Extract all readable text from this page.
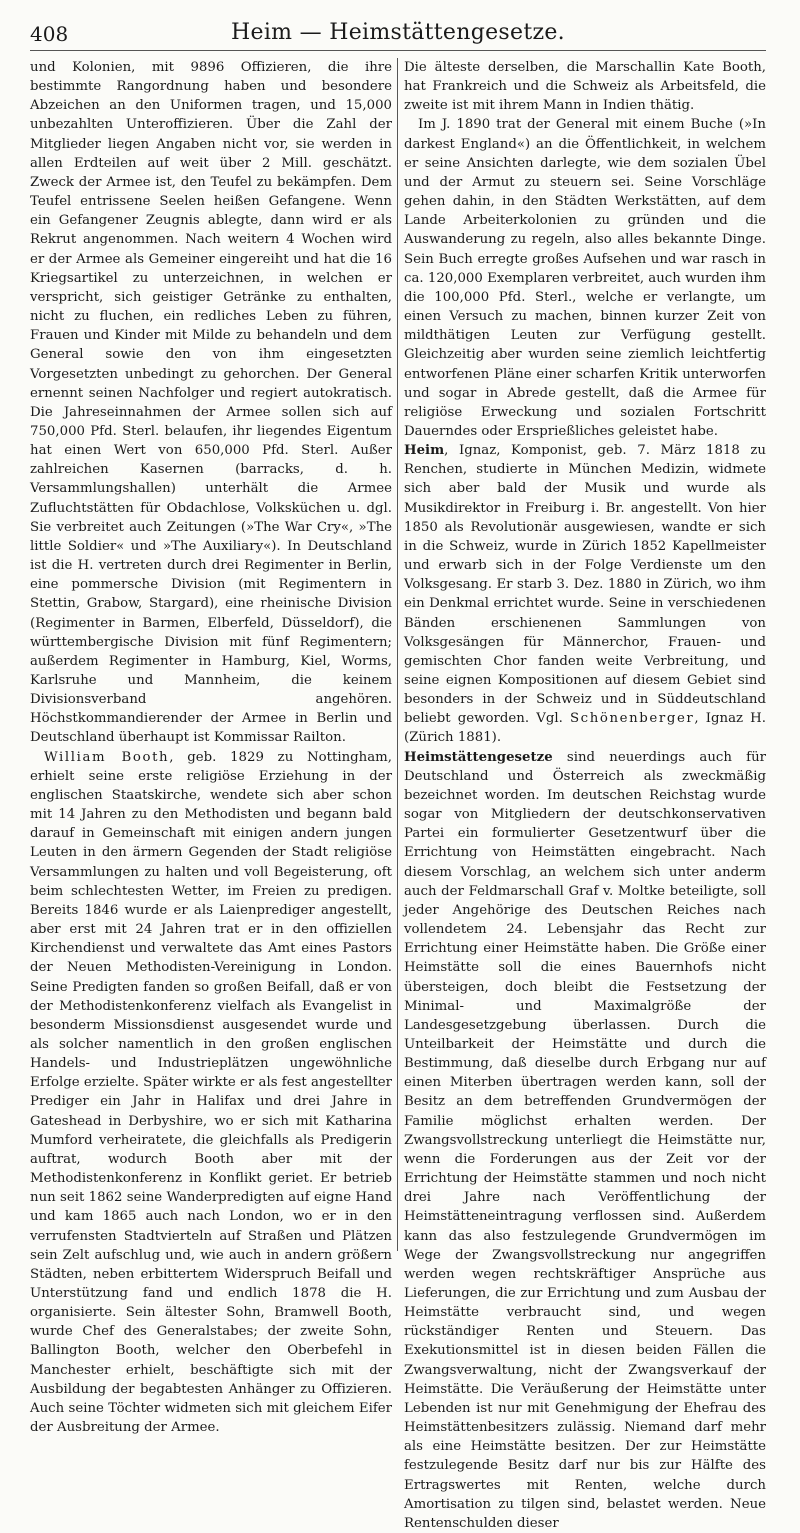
408	Heim — Heimstättengesetze.

und Kolonien, mit 9896 Offizieren, die ihre bestimmte Rangordnung haben und besondere Abzeichen an den Uniformen tragen, und 15,000 unbezahlten Unteroffizieren. Über die Zahl der Mitglieder liegen Angaben nicht vor, sie werden in allen Erdteilen auf weit über 2 Mill. geschätzt. Zweck der Armee ist, den Teufel zu bekämpfen. Dem Teufel entrissene Seelen heißen Gefangene. Wenn ein Gefangener Zeugnis ablegte, dann wird er als Rekrut angenommen. Nach weitern 4 Wochen wird er der Armee als Gemeiner eingereiht und hat die 16 Kriegsartikel zu unterzeichnen, in welchen er verspricht, sich geistiger Getränke zu enthalten, nicht zu fluchen, ein redliches Leben zu führen, Frauen und Kinder mit Milde zu behandeln und dem General sowie den von ihm eingesetzten Vorgesetzten unbedingt zu gehorchen. Der General ernennt seinen Nachfolger und regiert autokratisch. Die Jahreseinnahmen der Armee sollen sich auf 750,000 Pfd. Sterl. belaufen, ihr liegendes Eigentum hat einen Wert von 650,000 Pfd. Sterl. Außer zahlreichen Kasernen (barracks, d. h. Versammlungshallen) unterhält die Armee Zufluchtstätten für Obdachlose, Volksküchen u. dgl. Sie verbreitet auch Zeitungen (»The War Cry«, »The little Soldier« und »The Auxiliary«). In Deutschland ist die H. vertreten durch drei Regimenter in Berlin, eine pommersche Division (mit Regimentern in Stettin, Grabow, Stargard), eine rheinische Division (Regimenter in Barmen, Elberfeld, Düsseldorf), die württembergische Division mit fünf Regimentern; außerdem Regimenter in Hamburg, Kiel, Worms, Karlsruhe und Mannheim, die keinem Divisionsverband angehören. Höchstkommandierender der Armee in Berlin und Deutschland überhaupt ist Kommissar Railton.

William Booth, geb. 1829 zu Nottingham, erhielt seine erste religiöse Erziehung in der englischen Staatskirche, wendete sich aber schon mit 14 Jahren zu den Methodisten und begann bald darauf in Gemeinschaft mit einigen andern jungen Leuten in den ärmern Gegenden der Stadt religiöse Versammlungen zu halten und voll Begeisterung, oft beim schlechtesten Wetter, im Freien zu predigen. Bereits 1846 wurde er als Laienprediger angestellt, aber erst mit 24 Jahren trat er in den offiziellen Kirchendienst und verwaltete das Amt eines Pastors der Neuen Methodisten-Vereinigung in London. Seine Predigten fanden so großen Beifall, daß er von der Methodistenkonferenz vielfach als Evangelist in besonderm Missionsdienst ausgesendet wurde und als solcher namentlich in den großen englischen Handels- und Industrieplätzen ungewöhnliche Erfolge erzielte. Später wirkte er als fest angestellter Prediger ein Jahr in Halifax und drei Jahre in Gateshead in Derbyshire, wo er sich mit Katharina Mumford verheiratete, die gleichfalls als Predigerin auftrat, wodurch Booth aber mit der Methodistenkonferenz in Konflikt geriet. Er betrieb nun seit 1862 seine Wanderpredigten auf eigne Hand und kam 1865 auch nach London, wo er in den verrufensten Stadtvierteln auf Straßen und Plätzen sein Zelt aufschlug und, wie auch in andern größern Städten, neben erbittertem Widerspruch Beifall und Unterstützung fand und endlich 1878 die H. organisierte. Sein ältester Sohn, Bramwell Booth, wurde Chef des Generalstabes; der zweite Sohn, Ballington Booth, welcher den Oberbefehl in Manchester erhielt, beschäftigte sich mit der Ausbildung der begabtesten Anhänger zu Offizieren. Auch seine Töchter widmeten sich mit gleichem Eifer der Ausbreitung der Armee.

Die älteste derselben, die Marschallin Kate Booth, hat Frankreich und die Schweiz als Arbeitsfeld, die zweite ist mit ihrem Mann in Indien thätig.

Im J. 1890 trat der General mit einem Buche (»In darkest England«) an die Öffentlichkeit, in welchem er seine Ansichten darlegte, wie dem sozialen Übel und der Armut zu steuern sei. Seine Vorschläge gehen dahin, in den Städten Werkstätten, auf dem Lande Arbeiterkolonien zu gründen und die Auswanderung zu regeln, also alles bekannte Dinge. Sein Buch erregte großes Aufsehen und war rasch in ca. 120,000 Exemplaren verbreitet, auch wurden ihm die 100,000 Pfd. Sterl., welche er verlangte, um einen Versuch zu machen, binnen kurzer Zeit von mildthätigen Leuten zur Verfügung gestellt. Gleichzeitig aber wurden seine ziemlich leichtfertig entworfenen Pläne einer scharfen Kritik unterworfen und sogar in Abrede gestellt, daß die Armee für religiöse Erweckung und sozialen Fortschritt Dauerndes oder Ersprießliches geleistet habe.

Heim, Ignaz, Komponist, geb. 7. März 1818 zu Renchen, studierte in München Medizin, widmete sich aber bald der Musik und wurde als Musikdirektor in Freiburg i. Br. angestellt. Von hier 1850 als Revolutionär ausgewiesen, wandte er sich in die Schweiz, wurde in Zürich 1852 Kapellmeister und erwarb sich in der Folge Verdienste um den Volksgesang. Er starb 3. Dez. 1880 in Zürich, wo ihm ein Denkmal errichtet wurde. Seine in verschiedenen Bänden erschienenen Sammlungen von Volksgesängen für Männerchor, Frauen- und gemischten Chor fanden weite Verbreitung, und seine eignen Kompositionen auf diesem Gebiet sind besonders in der Schweiz und in Süddeutschland beliebt geworden. Vgl. Schönenberger, Ignaz H. (Zürich 1881).

Heimstättengesetze sind neuerdings auch für Deutschland und Österreich als zweckmäßig bezeichnet worden. Im deutschen Reichstag wurde sogar von Mitgliedern der deutschkonservativen Partei ein formulierter Gesetzentwurf über die Errichtung von Heimstätten eingebracht. Nach diesem Vorschlag, an welchem sich unter anderm auch der Feldmarschall Graf v. Moltke beteiligte, soll jeder Angehörige des Deutschen Reiches nach vollendetem 24. Lebensjahr das Recht zur Errichtung einer Heimstätte haben. Die Größe einer Heimstätte soll die eines Bauernhofs nicht übersteigen, doch bleibt die Festsetzung der Minimal- und Maximalgröße der Landesgesetzgebung überlassen. Durch die Unteilbarkeit der Heimstätte und durch die Bestimmung, daß dieselbe durch Erbgang nur auf einen Miterben übertragen werden kann, soll der Besitz an dem betreffenden Grundvermögen der Familie möglichst erhalten werden. Der Zwangsvollstreckung unterliegt die Heimstätte nur, wenn die Forderungen aus der Zeit vor der Errichtung der Heimstätte stammen und noch nicht drei Jahre nach Veröffentlichung der Heimstätteneintragung verflossen sind. Außerdem kann das also festzulegende Grundvermögen im Wege der Zwangsvollstreckung nur angegriffen werden wegen rechtskräftiger Ansprüche aus Lieferungen, die zur Errichtung und zum Ausbau der Heimstätte verbraucht sind, und wegen rückständiger Renten und Steuern. Das Exekutionsmittel ist in diesen beiden Fällen die Zwangsverwaltung, nicht der Zwangsverkauf der Heimstätte. Die Veräußerung der Heimstätte unter Lebenden ist nur mit Genehmigung der Ehefrau des Heimstättenbesitzers zulässig. Niemand darf mehr als eine Heimstätte besitzen. Der zur Heimstätte festzulegende Besitz darf nur bis zur Hälfte des Ertragswertes mit Renten, welche durch Amortisation zu tilgen sind, belastet werden. Neue Rentenschulden dieser
